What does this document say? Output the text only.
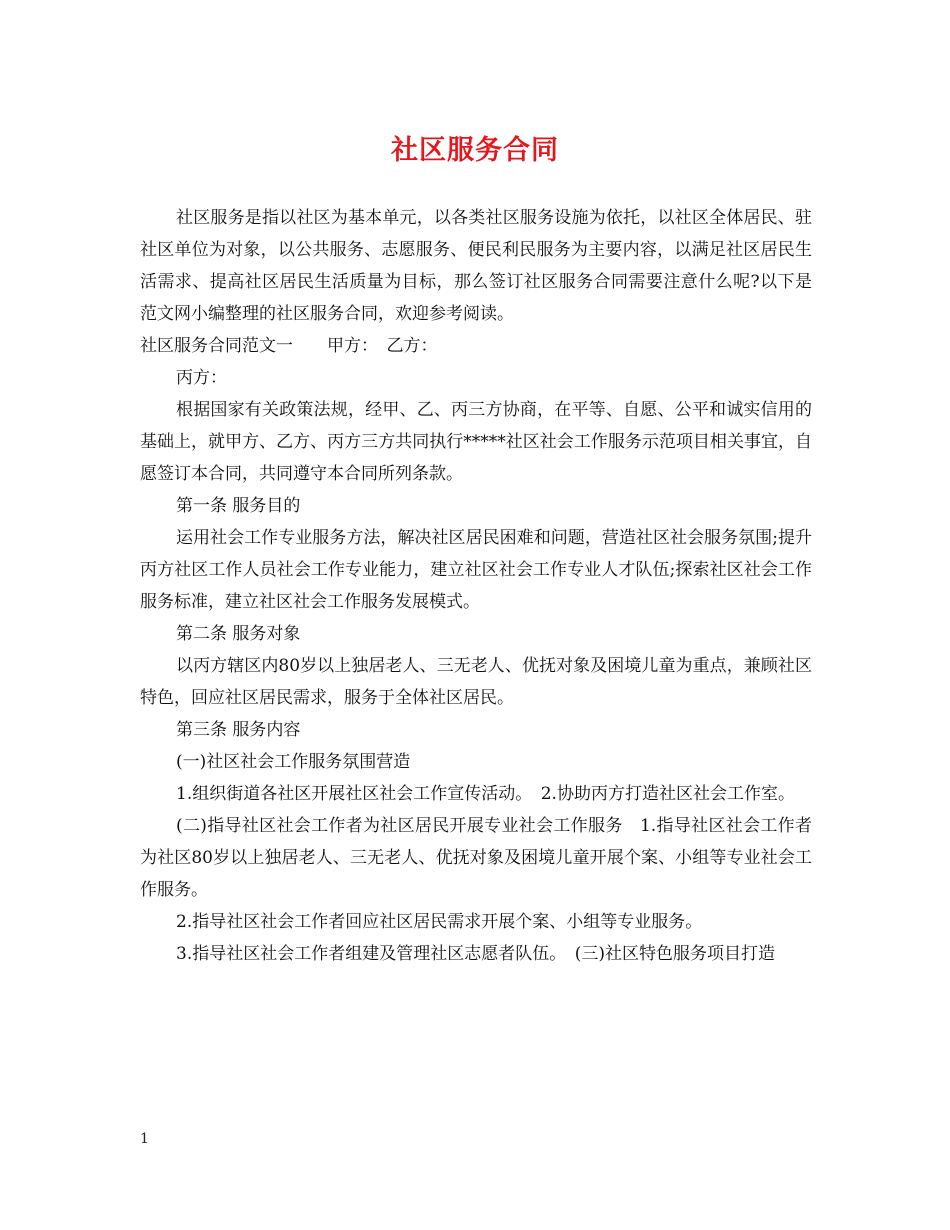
社区服务合同

社区服务是指以社区为基本单元，以各类社区服务设施为依托，以社区全体居民、驻社区单位为对象，以公共服务、志愿服务、便民利民服务为主要内容，以满足社区居民生活需求、提高社区居民生活质量为目标，那么签订社区服务合同需要注意什么呢?以下是范文网小编整理的社区服务合同，欢迎参考阅读。

社区服务合同范文一　　甲方：　乙方：

丙方：

根据国家有关政策法规，经甲、乙、丙三方协商，在平等、自愿、公平和诚实信用的基础上，就甲方、乙方、丙方三方共同执行*****社区社会工作服务示范项目相关事宜，自愿签订本合同，共同遵守本合同所列条款。

第一条 服务目的

运用社会工作专业服务方法，解决社区居民困难和问题，营造社区社会服务氛围;提升丙方社区工作人员社会工作专业能力，建立社区社会工作专业人才队伍;探索社区社会工作服务标准，建立社区社会工作服务发展模式。

第二条 服务对象

以丙方辖区内80岁以上独居老人、三无老人、优抚对象及困境儿童为重点，兼顾社区特色，回应社区居民需求，服务于全体社区居民。

第三条 服务内容

(一)社区社会工作服务氛围营造

1.组织街道各社区开展社区社会工作宣传活动。　2.协助丙方打造社区社会工作室。

(二)指导社区社会工作者为社区居民开展专业社会工作服务　1.指导社区社会工作者为社区80岁以上独居老人、三无老人、优抚对象及困境儿童开展个案、小组等专业社会工作服务。

2.指导社区社会工作者回应社区居民需求开展个案、小组等专业服务。

3.指导社区社会工作者组建及管理社区志愿者队伍。　(三)社区特色服务项目打造

1
